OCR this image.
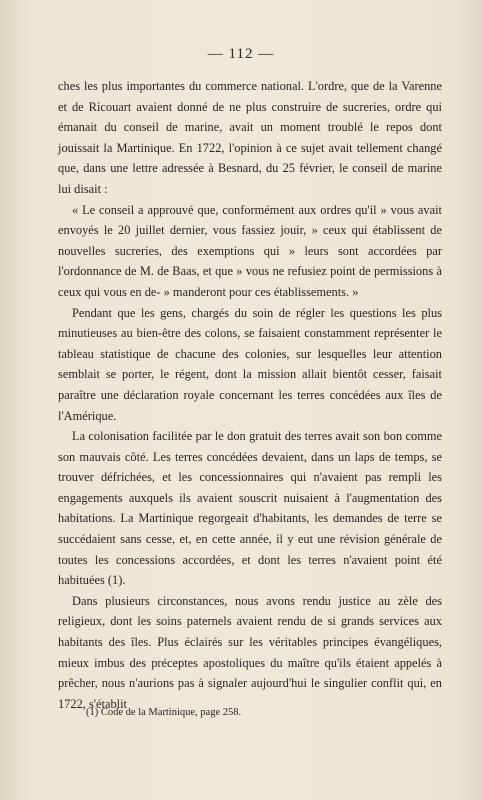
— 112 —

ches les plus importantes du commerce national. L'ordre, que de la Varenne et de Ricouart avaient donné de ne plus construire de sucreries, ordre qui émanait du conseil de marine, avait un moment troublé le repos dont jouissait la Martinique. En 1722, l'opinion à ce sujet avait tellement changé que, dans une lettre adressée à Besnard, du 25 février, le conseil de marine lui disait :

« Le conseil a approuvé que, conformément aux ordres qu'il » vous avait envoyés le 20 juillet dernier, vous fassiez jouir, » ceux qui établissent de nouvelles sucreries, des exemptions qui » leurs sont accordées par l'ordonnance de M. de Baas, et que » vous ne refusiez point de permissions à ceux qui vous en de- » manderont pour ces établissements. »

Pendant que les gens, chargés du soin de régler les questions les plus minutieuses au bien-être des colons, se faisaient constamment représenter le tableau statistique de chacune des colonies, sur lesquelles leur attention semblait se porter, le régent, dont la mission allait bientôt cesser, faisait paraître une déclaration royale concernant les terres concédées aux îles de l'Amérique.

La colonisation facilitée par le don gratuit des terres avait son bon comme son mauvais côté. Les terres concédées devaient, dans un laps de temps, se trouver défrichées, et les concessionnaires qui n'avaient pas rempli les engagements auxquels ils avaient souscrit nuisaient à l'augmentation des habitations. La Martinique regorgeait d'habitants, les demandes de terre se succédaient sans cesse, et, en cette année, il y eut une révision générale de toutes les concessions accordées, et dont les terres n'avaient point été habituées (1).

Dans plusieurs circonstances, nous avons rendu justice au zèle des religieux, dont les soins paternels avaient rendu de si grands services aux habitants des îles. Plus éclairés sur les véritables principes évangéliques, mieux imbus des préceptes apostoliques du maître qu'ils étaient appelés à prêcher, nous n'aurions pas à signaler aujourd'hui le singulier conflit qui, en 1722, s'établit

(1) Code de la Martinique, page 258.
